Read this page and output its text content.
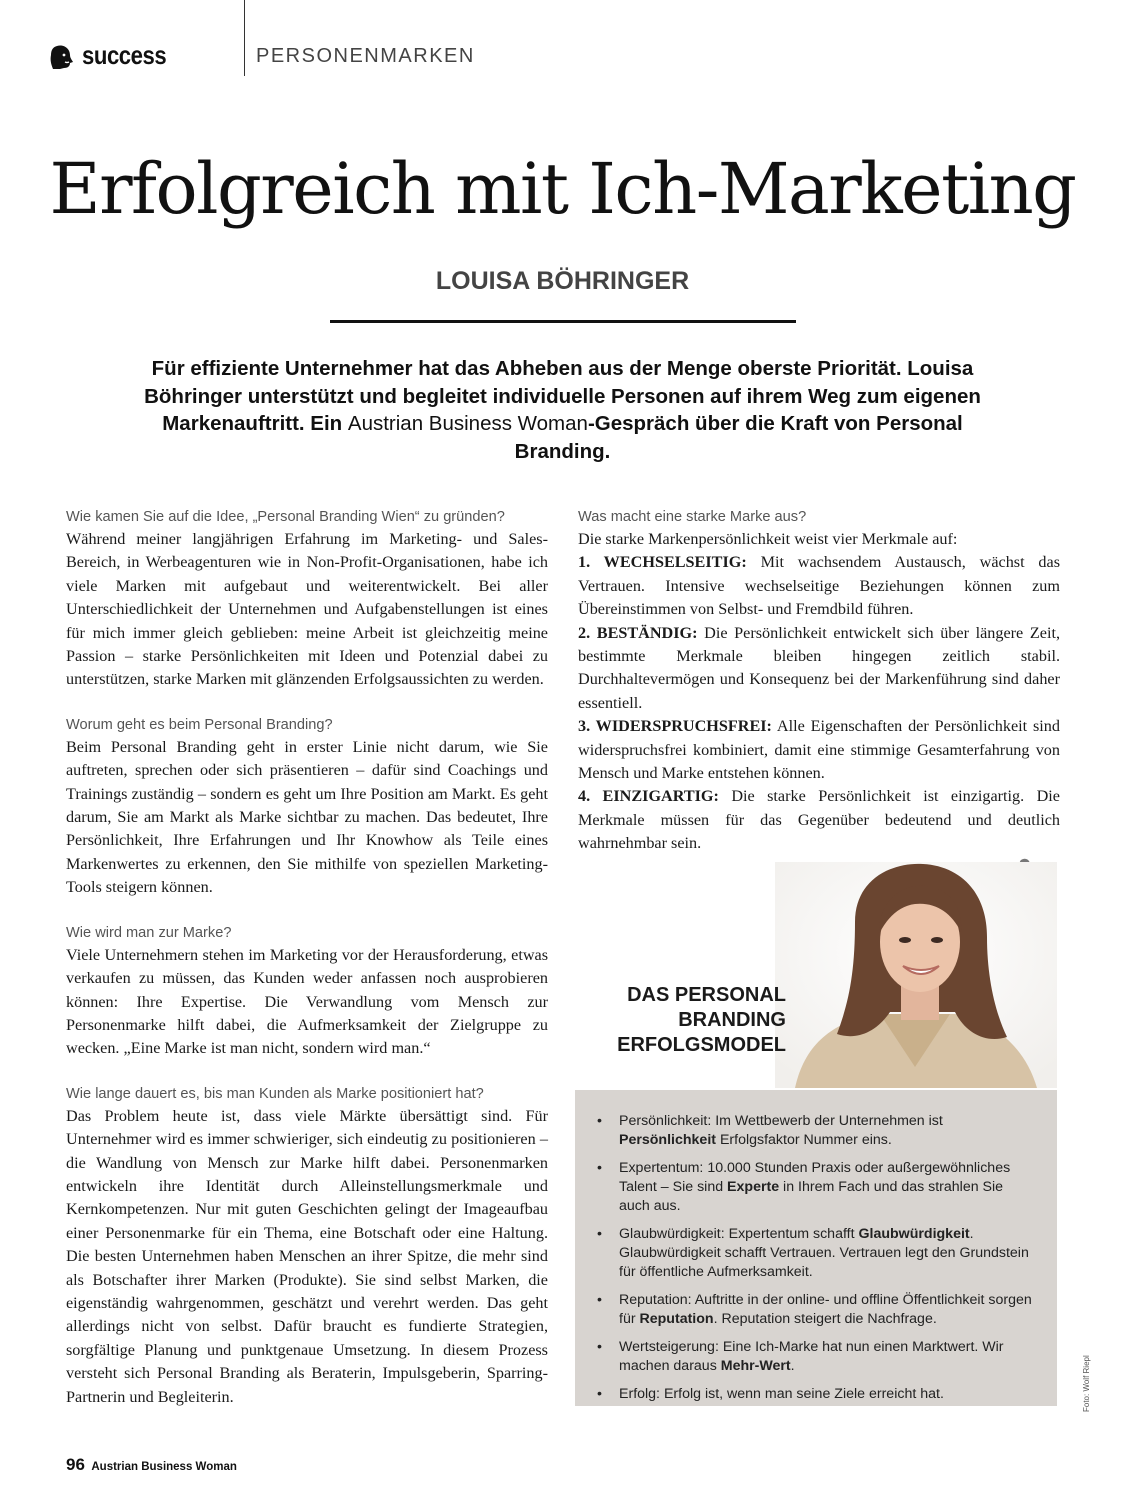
success	PERSONENMARKEN
Erfolgreich mit Ich-Marketing

LOUISA BÖHRINGER

Für effiziente Unternehmer hat das Abheben aus der Menge oberste Priorität. Louisa Böhringer unterstützt und begleitet individuelle Personen auf ihrem Weg zum eigenen Markenauftritt. Ein Austrian Business Woman-Gespräch über die Kraft von Personal Branding.

Wie kamen Sie auf die Idee, „Personal Branding Wien“ zu gründen?

Während meiner langjährigen Erfahrung im Marketing- und Sales-Bereich, in Werbeagenturen wie in Non-Profit-Organisationen, habe ich viele Marken mit aufgebaut und weiterentwickelt. Bei aller Unterschiedlichkeit der Unternehmen und Aufgabenstellungen ist eines für mich immer gleich geblieben: meine Arbeit ist gleichzeitig meine Passion – starke Persönlichkeiten mit Ideen und Potenzial dabei zu unterstützen, starke Marken mit glänzenden Erfolgsaussichten zu werden.

Worum geht es beim Personal Branding?

Beim Personal Branding geht in erster Linie nicht darum, wie Sie auftreten, sprechen oder sich präsentieren – dafür sind Coachings und Trainings zuständig – sondern es geht um Ihre Position am Markt. Es geht darum, Sie am Markt als Marke sichtbar zu machen. Das bedeutet, Ihre Persönlichkeit, Ihre Erfahrungen und Ihr Knowhow als Teile eines Markenwertes zu erkennen, den Sie mithilfe von speziellen Marketing-Tools steigern können.

Wie wird man zur Marke?

Viele Unternehmern stehen im Marketing vor der Herausforderung, etwas verkaufen zu müssen, das Kunden weder anfassen noch ausprobieren können: Ihre Expertise. Die Verwandlung vom Mensch zur Personenmarke hilft dabei, die Aufmerksamkeit der Zielgruppe zu wecken. „Eine Marke ist man nicht, sondern wird man.“

Wie lange dauert es, bis man Kunden als Marke positioniert hat?

Das Problem heute ist, dass viele Märkte übersättigt sind. Für Unternehmer wird es immer schwieriger, sich eindeutig zu positionieren – die Wandlung von Mensch zur Marke hilft dabei. Personenmarken entwickeln ihre Identität durch Alleinstellungsmerkmale und Kernkompetenzen. Nur mit guten Geschichten gelingt der Imageaufbau einer Personenmarke für ein Thema, eine Botschaft oder eine Haltung. Die besten Unternehmen haben Menschen an ihrer Spitze, die mehr sind als Botschafter ihrer Marken (Produkte). Sie sind selbst Marken, die eigenständig wahrgenommen, geschätzt und verehrt werden. Das geht allerdings nicht von selbst. Dafür braucht es fundierte Strategien, sorgfältige Planung und punktgenaue Umsetzung. In diesem Prozess versteht sich Personal Branding als Beraterin, Impulsgeberin, Sparring-Partnerin und Begleiterin.

Was macht eine starke Marke aus?

Die starke Markenpersönlichkeit weist vier Merkmale auf:

1. WECHSELSEITIG: Mit wachsendem Austausch, wächst das Vertrauen. Intensive wechselseitige Beziehungen können zum Übereinstimmen von Selbst- und Fremdbild führen.

2. BESTÄNDIG: Die Persönlichkeit entwickelt sich über längere Zeit, bestimmte Merkmale bleiben hingegen zeitlich stabil. Durchhaltevermögen und Konsequenz bei der Markenführung sind daher essentiell.

3. WIDERSPRUCHSFREI: Alle Eigenschaften der Persönlichkeit sind widerspruchsfrei kombiniert, damit eine stimmige Gesamterfahrung von Mensch und Marke entstehen können.

4. EINZIGARTIG: Die starke Persönlichkeit ist einzigartig. Die Merkmale müssen für das Gegenüber bedeutend und deutlich wahrnehmbar sein.

DAS PERSONAL
BRANDING
ERFOLGSMODEL

• Persönlichkeit: Im Wettbewerb der Unternehmen ist Persönlichkeit Erfolgsfaktor Nummer eins.
• Expertentum: 10.000 Stunden Praxis oder außergewöhnliches Talent – Sie sind Experte in Ihrem Fach und das strahlen Sie auch aus.
• Glaubwürdigkeit: Expertentum schafft Glaubwürdigkeit. Glaubwürdigkeit schafft Vertrauen. Vertrauen legt den Grundstein für öffentliche Aufmerksamkeit.
• Reputation: Auftritte in der online- und offline Öffentlichkeit sorgen für Reputation. Reputation steigert die Nachfrage.
• Wertsteigerung: Eine Ich-Marke hat nun einen Marktwert. Wir machen daraus Mehr-Wert.
• Erfolg: Erfolg ist, wenn man seine Ziele erreicht hat.	Foto: Wolf Riepl
96 Austrian Business Woman
